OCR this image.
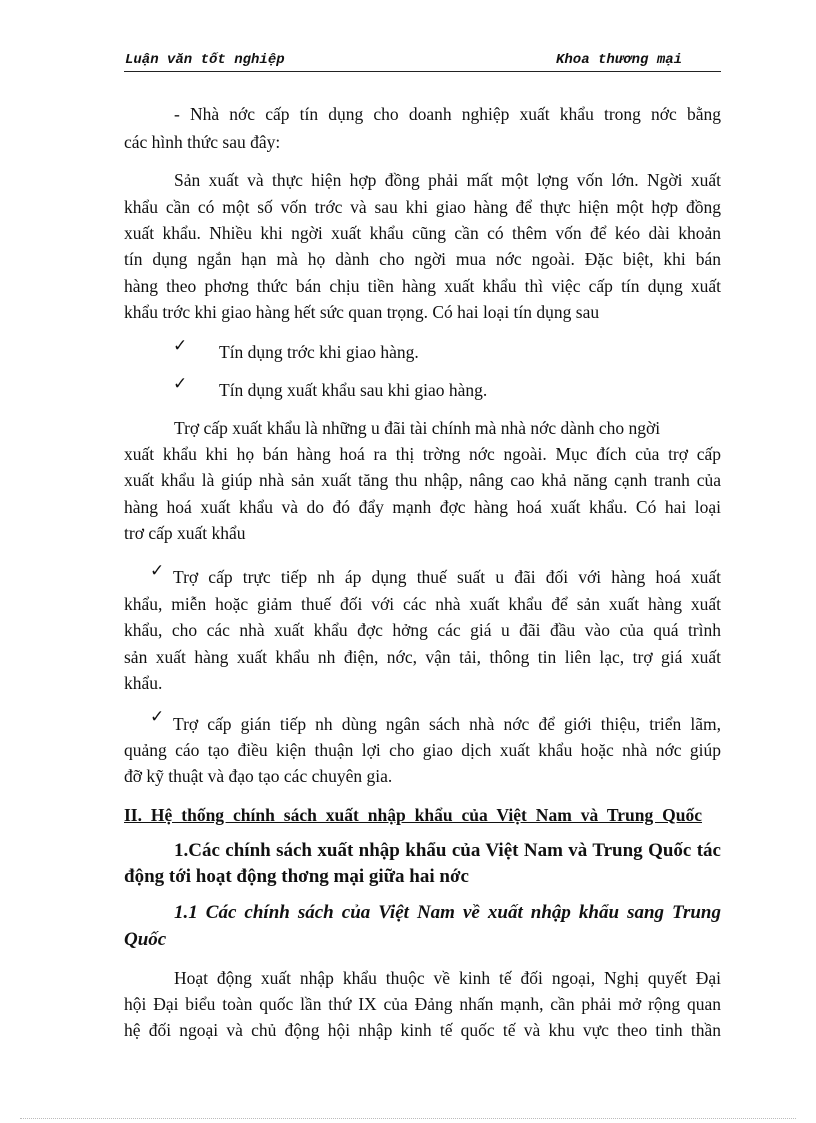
Luận văn tốt nghiệp	Khoa thương mại
- Nhà nớc cấp tín dụng cho doanh nghiệp xuất khẩu trong nớc bằng
các hình thức sau đây:
Sản xuất và thực hiện hợp đồng phải mất một lợng vốn lớn. Ngời xuất
khẩu cần có một số vốn trớc và sau khi giao hàng để thực hiện một hợp đồng
xuất khẩu. Nhiều khi ngời xuất khẩu cũng cần có thêm vốn để kéo dài khoản
tín dụng ngắn hạn mà họ dành cho ngời mua nớc ngoài. Đặc biệt, khi bán
hàng theo phơng thức bán chịu tiền hàng xuất khẩu thì việc cấp tín dụng xuất
khẩu trớc khi giao hàng hết sức quan trọng. Có hai loại tín dụng sau
✓ Tín dụng trớc khi giao hàng.
✓ Tín dụng xuất khẩu sau khi giao hàng.
Trợ cấp xuất khẩu là những u đãi tài chính mà nhà nớc dành cho ngời
xuất khẩu khi họ bán hàng hoá ra thị trờng nớc ngoài. Mục đích của trợ cấp
xuất khẩu là giúp nhà sản xuất tăng thu nhập, nâng cao khả năng cạnh tranh của
hàng hoá xuất khẩu và do đó đẩy mạnh đợc hàng hoá xuất khẩu. Có hai loại
trơ cấp xuất khẩu
✓ Trợ cấp trực tiếp nh áp dụng thuế suất u đãi đối với hàng hoá xuất
khẩu, miễn hoặc giảm thuế đối với các nhà xuất khẩu để sản xuất hàng xuất
khẩu, cho các nhà xuất khẩu đợc hởng các giá u đãi đầu vào của quá trình
sản xuất hàng xuất khẩu nh điện, nớc, vận tải, thông tin liên lạc, trợ giá xuất
khẩu.
✓ Trợ cấp gián tiếp nh dùng ngân sách nhà nớc để giới thiệu, triển lãm,
quảng cáo tạo điều kiện thuận lợi cho giao dịch xuất khẩu hoặc nhà nớc giúp
đỡ kỹ thuật và đạo tạo các chuyên gia.
II. Hệ thống chính sách xuất nhập khẩu của Việt Nam và Trung Quốc
1.Các chính sách xuất nhập khẩu của Việt Nam và Trung Quốc tác
động tới hoạt động thơng mại giữa hai nớc
1.1 Các chính sách của Việt Nam về xuất nhập khẩu sang Trung
Quốc
Hoạt động xuất nhập khẩu thuộc về kinh tế đối ngoại, Nghị quyết Đại
hội Đại biểu toàn quốc lần thứ IX của Đảng nhấn mạnh, cần phải mở rộng quan
hệ đối ngoại và chủ động hội nhập kinh tế quốc tế và khu vực theo tinh thần
